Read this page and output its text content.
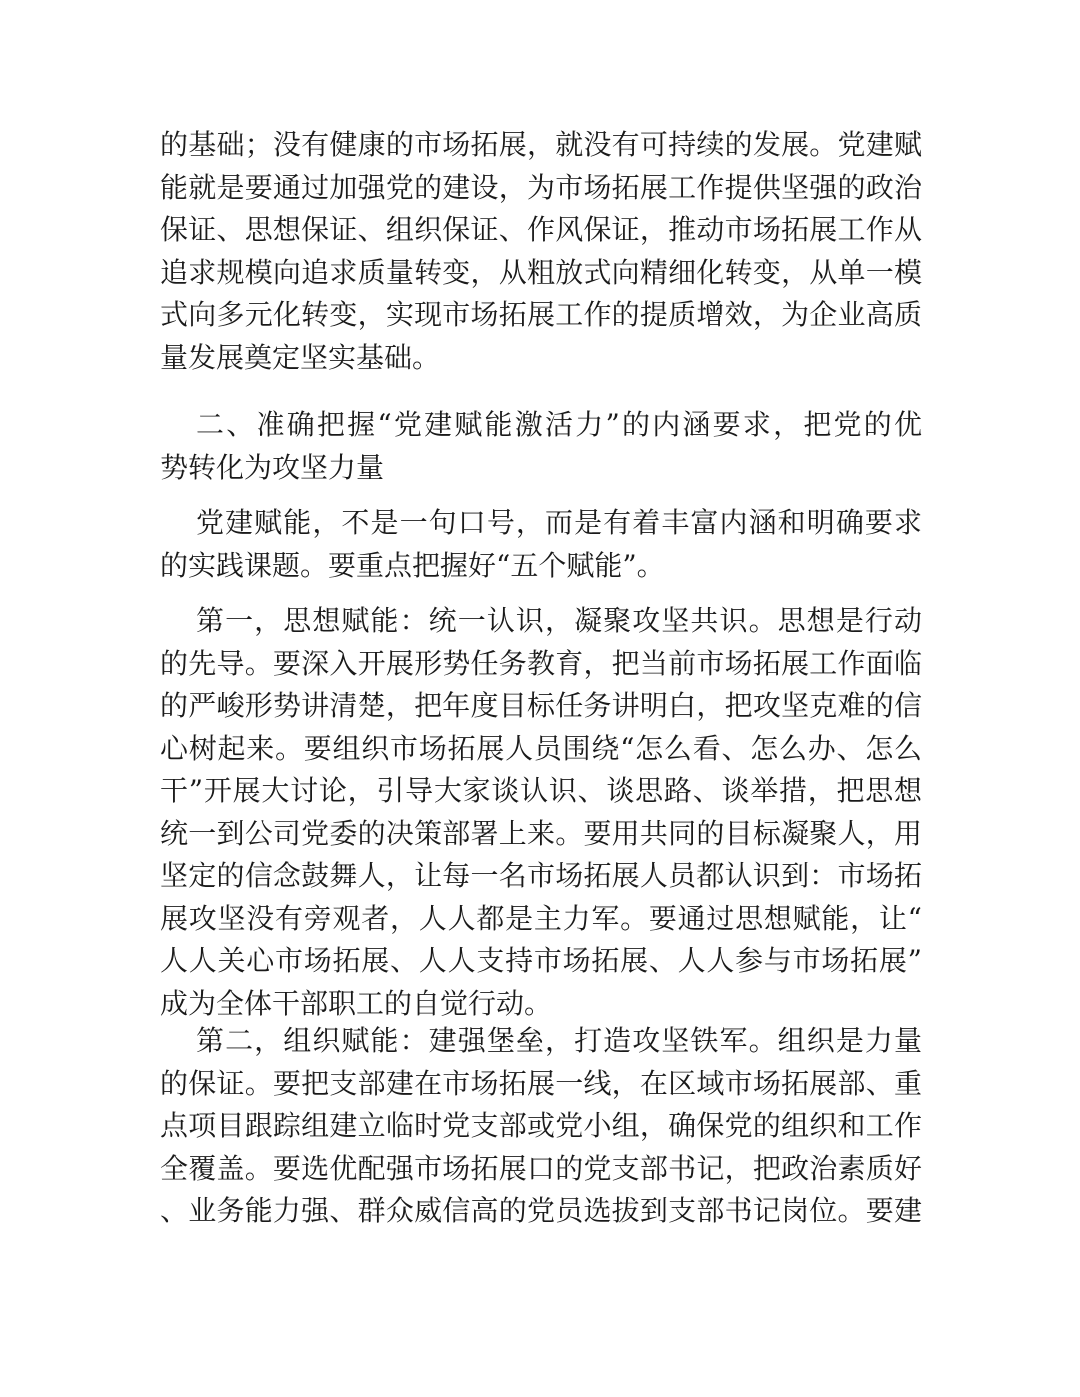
的基础；没有健康的市场拓展，就没有可持续的发展。党建赋
能就是要通过加强党的建设，为市场拓展工作提供坚强的政治
保证、思想保证、组织保证、作风保证，推动市场拓展工作从
追求规模向追求质量转变，从粗放式向精细化转变，从单一模
式向多元化转变，实现市场拓展工作的提质增效，为企业高质
量发展奠定坚实基础。
二、准确把握“党建赋能激活力”的内涵要求，把党的优
势转化为攻坚力量
党建赋能，不是一句口号，而是有着丰富内涵和明确要求
的实践课题。要重点把握好“五个赋能”。
第一，思想赋能：统一认识，凝聚攻坚共识。思想是行动
的先导。要深入开展形势任务教育，把当前市场拓展工作面临
的严峻形势讲清楚，把年度目标任务讲明白，把攻坚克难的信
心树起来。要组织市场拓展人员围绕“怎么看、怎么办、怎么
干”开展大讨论，引导大家谈认识、谈思路、谈举措，把思想
统一到公司党委的决策部署上来。要用共同的目标凝聚人，用
坚定的信念鼓舞人，让每一名市场拓展人员都认识到：市场拓
展攻坚没有旁观者，人人都是主力军。要通过思想赋能，让“
人人关心市场拓展、人人支持市场拓展、人人参与市场拓展”
成为全体干部职工的自觉行动。
第二，组织赋能：建强堡垒，打造攻坚铁军。组织是力量
的保证。要把支部建在市场拓展一线，在区域市场拓展部、重
点项目跟踪组建立临时党支部或党小组，确保党的组织和工作
全覆盖。要选优配强市场拓展口的党支部书记，把政治素质好
、业务能力强、群众威信高的党员选拔到支部书记岗位。要建
